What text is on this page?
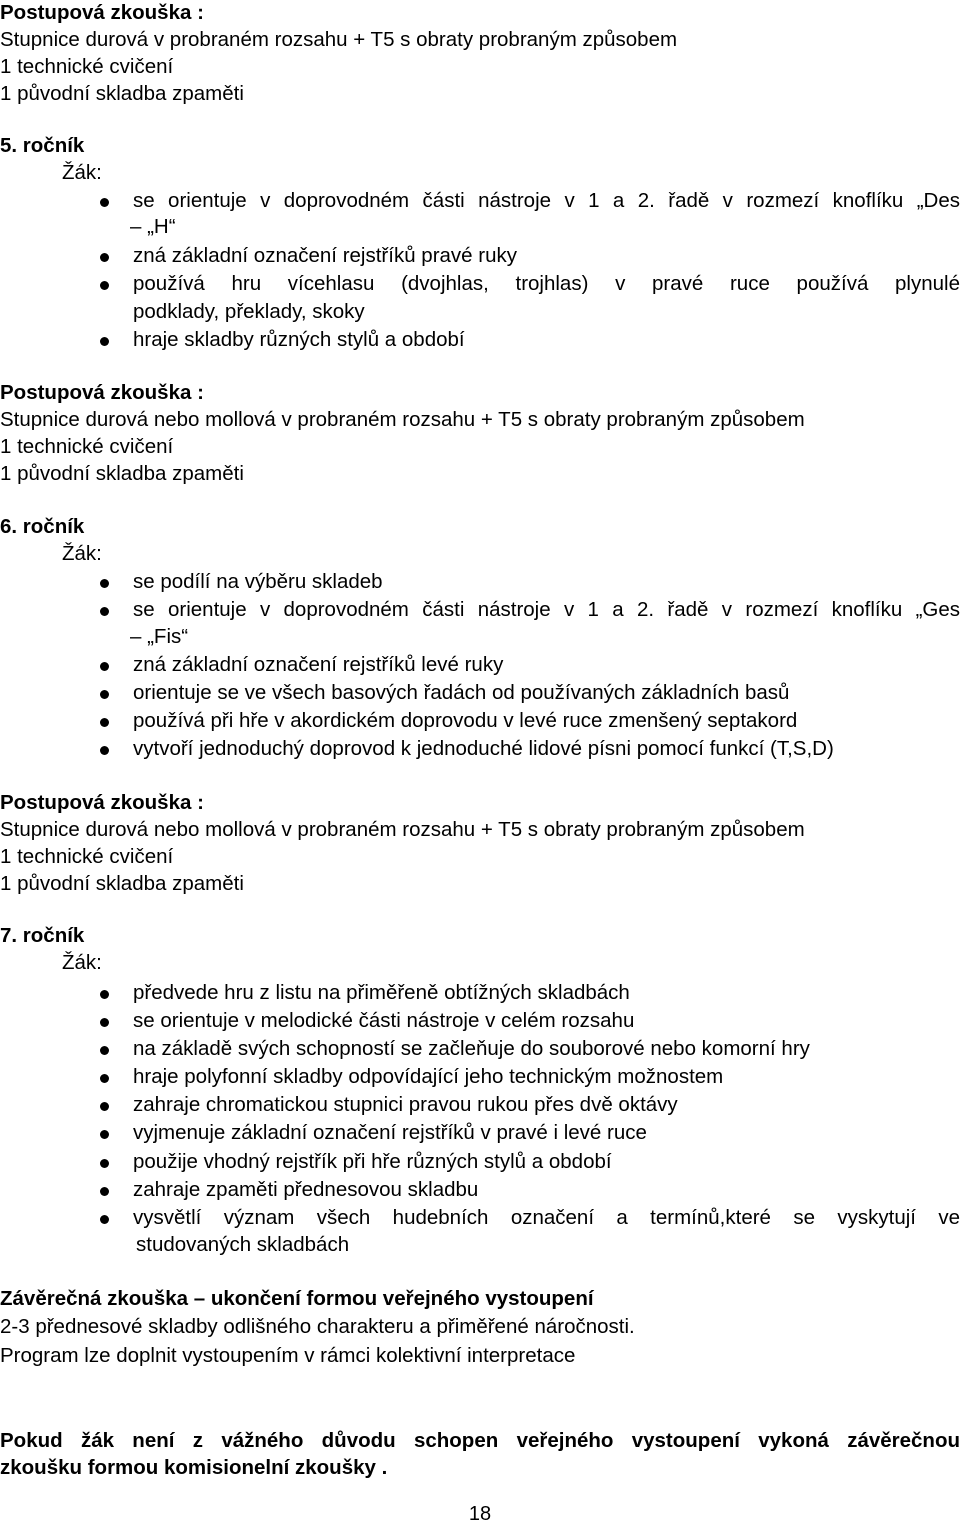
Postupová zkouška :
Stupnice durová v probraném rozsahu + T5 s obraty probraným způsobem
1 technické cvičení
1 původní skladba zpaměti
5. ročník
Žák:
se orientuje v doprovodném části nástroje v 1 a 2. řadě v rozmezí knoflíku „Des
– „H“
zná základní označení rejstříků pravé ruky
používá hru vícehlasu (dvojhlas, trojhlas) v pravé ruce používá plynulé
podklady, překlady, skoky
hraje skladby různých stylů a období
Postupová zkouška :
Stupnice durová nebo mollová v probraném rozsahu + T5 s obraty probraným způsobem
1 technické cvičení
1 původní skladba zpaměti
6. ročník
Žák:
se podílí na výběru skladeb
se orientuje v doprovodném části nástroje v 1 a 2. řadě v rozmezí knoflíku „Ges
– „Fis“
zná základní označení rejstříků levé ruky
orientuje se ve všech basových řadách od používaných základních basů
používá při hře v akordickém doprovodu v levé ruce zmenšený septakord
vytvoří jednoduchý doprovod k jednoduché lidové písni pomocí funkcí (T,S,D)
Postupová zkouška :
Stupnice durová nebo mollová v probraném rozsahu + T5 s obraty probraným způsobem
1 technické cvičení
1 původní skladba zpaměti
7. ročník
Žák:
předvede hru z listu na přiměřeně obtížných skladbách
se orientuje v melodické části nástroje v celém rozsahu
na základě svých schopností se začleňuje do souborové nebo komorní hry
hraje polyfonní skladby odpovídající jeho technickým možnostem
zahraje chromatickou stupnici pravou rukou přes dvě oktávy
vyjmenuje základní označení rejstříků v pravé i levé ruce
použije vhodný rejstřík při hře různých stylů a období
zahraje zpaměti přednesovou skladbu
vysvětlí význam všech hudebních označení a termínů,které se vyskytují ve
studovaných skladbách
Závěrečná zkouška – ukončení formou veřejného vystoupení
2-3 přednesové skladby odlišného charakteru a přiměřené náročnosti.
Program lze doplnit vystoupením v rámci kolektivní interpretace
Pokud žák není z vážného důvodu schopen veřejného vystoupení vykoná závěrečnou
zkoušku formou komisionelní zkoušky .
18
